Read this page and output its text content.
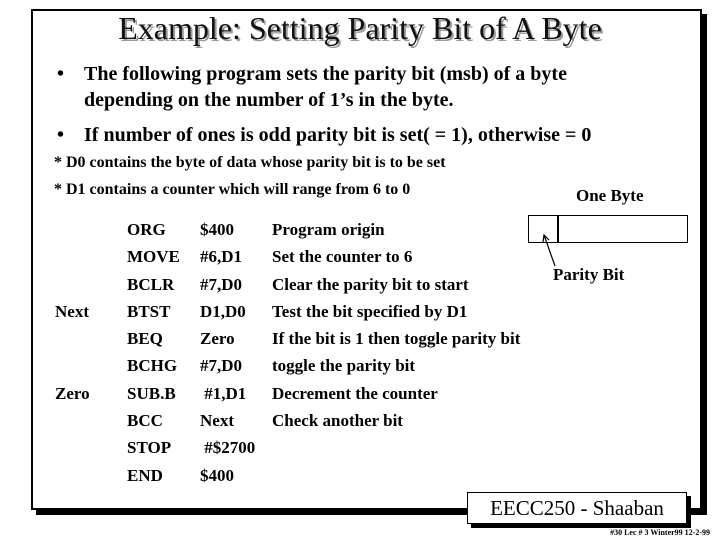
Example: Setting Parity Bit of A Byte
• The following program sets the parity bit (msb) of a byte
depending on the number of 1’s in the byte.
• If number of ones is odd parity bit is set( = 1), otherwise = 0
* D0 contains the byte of data whose parity bit is to be set
* D1 contains a counter which will range from 6 to 0	One Byte
Parity Bit
Next
Zero
ORG
MOVE
BCLR
BTST
BEQ
BCHG
SUB.B
BCC
STOP
END
$400
#6,D1
#7,D0
D1,D0
Zero
#7,D0
#1,D1
Next
#$2700
$400
Program origin
Set the counter to 6
Clear the parity bit to start
Test the bit specified by D1
If the bit is 1 then toggle parity bit
toggle the parity bit
Decrement the counter
Check another bit
EECC250 - Shaaban
#30 Lec # 3 Winter99 12-2-99
